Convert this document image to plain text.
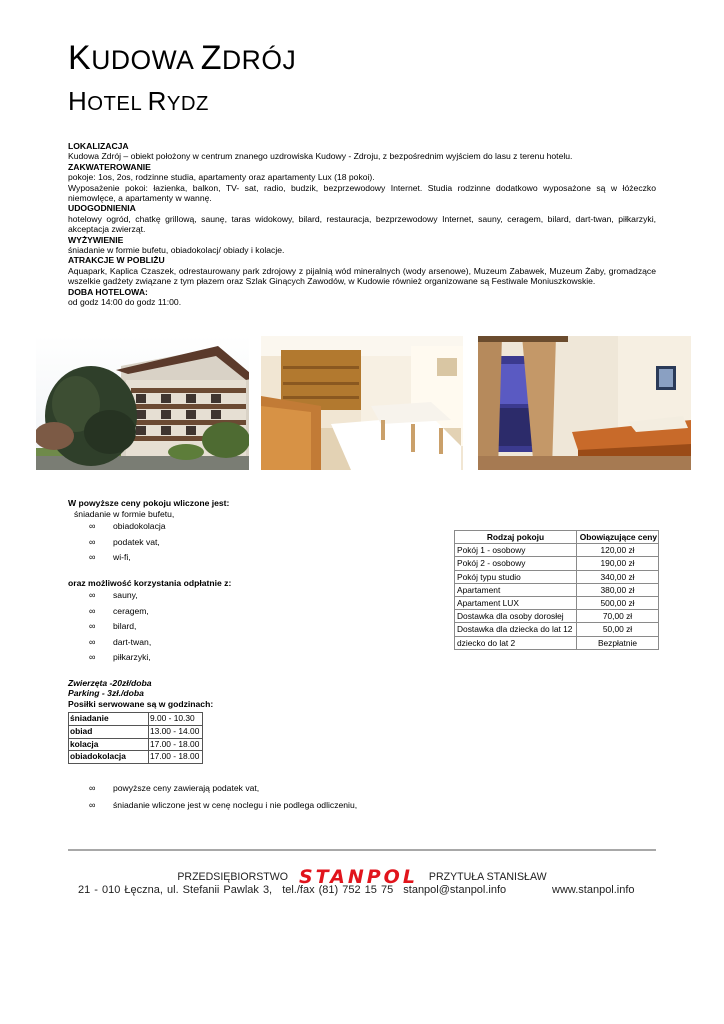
KUDOWA ZDRÓJ
HOTEL RYDZ

LOKALIZACJA

Kudowa Zdrój – obiekt położony w centrum znanego uzdrowiska Kudowy - Zdroju, z bezpośrednim wyjściem do lasu z terenu hotelu.

ZAKWATEROWANIE

pokoje: 1os, 2os, rodzinne studia, apartamenty oraz apartamenty Lux (18 pokoi).

Wyposażenie pokoi: łazienka, balkon, TV- sat, radio, budzik, bezprzewodowy Internet. Studia rodzinne dodatkowo wyposażone są w łóżeczko niemowlęce, a apartamenty w wannę.

UDOGODNIENIA

hotelowy ogród, chatkę grillową, saunę, taras widokowy, bilard, restauracja, bezprzewodowy Internet, sauny, ceragem, bilard, dart-twan, piłkarzyki, akceptacja zwierząt.

WYŻYWIENIE

śniadanie w formie bufetu, obiadokolacj/ obiady i kolacje.

ATRAKCJE W POBLIŻU

Aquapark, Kaplica Czaszek, odrestaurowany park zdrojowy z pijalnią wód mineralnych (wody arsenowe), Muzeum Zabawek, Muzeum Żaby, gromadzące wszelkie gadżety związane z tym płazem oraz Szlak Ginących Zawodów, w Kudowie również organizowane są Festiwale Moniuszkowskie.

DOBA HOTELOWA:

od godz 14:00 do godz 11:00.

W powyższe ceny pokoju wliczone jest:

śniadanie w formie bufetu,

∞ obiadokolacja
∞ podatek vat,
∞ wi-fi,

oraz możliwość korzystania odpłatnie z:

∞ sauny,
∞ ceragem,
∞ bilard,
∞ dart-twan,
∞ piłkarzyki,

Zwierzęta -20zł/doba

Parking - 3zł./doba

Posiłki serwowane są w godzinach:

śniadanie	9.00 - 10.30
obiad	13.00 - 14.00
kolacja	17.00 - 18.00
obiadokolacja	17.00 - 18.00
Rodzaj pokoju	Obowiązujące ceny
Pokój 1 - osobowy	120,00 zł
Pokój 2 - osobowy	190,00 zł
Pokój typu studio	340,00 zł
Apartament	380,00 zł
Apartament LUX	500,00 zł
Dostawka dla osoby dorosłej	70,00 zł
Dostawka dla dziecka do lat 12	50,00 zł
dziecko do lat 2	Bezpłatnie
∞ powyższe ceny zawierają podatek vat,
∞ śniadanie wliczone jest w cenę noclegu i nie podlega odliczeniu,
PRZEDSIĘBIORSTWO STANPOL PRZYTUŁA STANISŁAW
21 - 010 Łęczna, ul. Stefanii Pawlak 3, tel./fax (81) 752 15 75 stanpol@stanpol.info	www.stanpol.info
